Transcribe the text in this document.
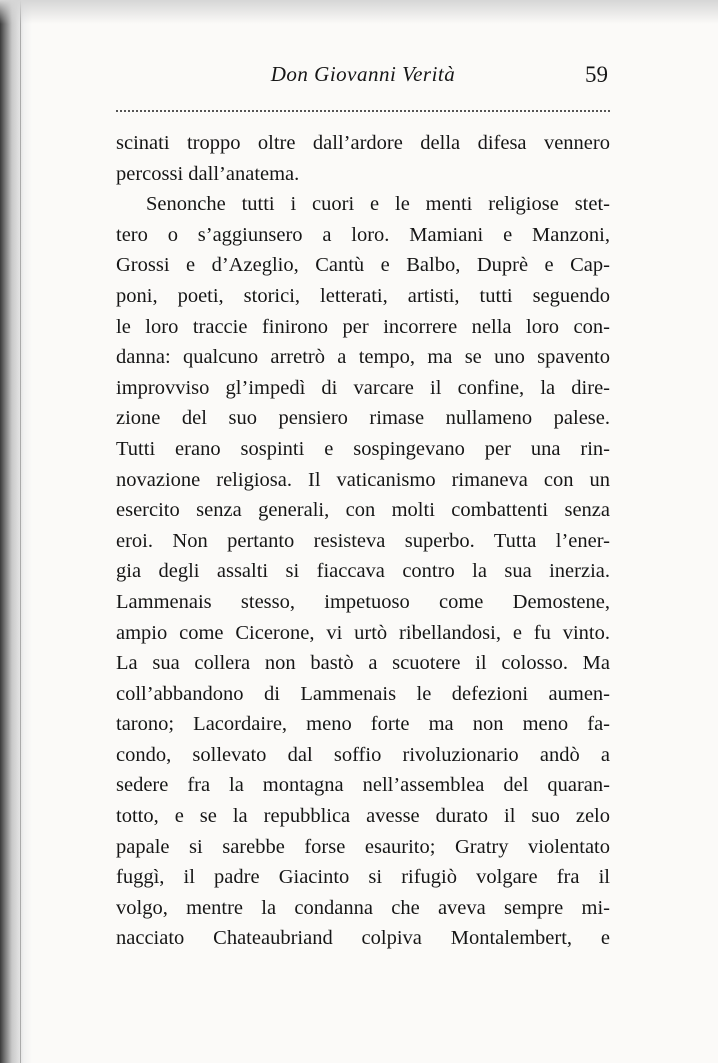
Don Giovanni Verità	59
scinati troppo oltre dall’ardore della difesa vennero
percossi dall’anatema.
Senonche tutti i cuori e le menti religiose stet-
tero o s’aggiunsero a loro. Mamiani e Manzoni,
Grossi e d’Azeglio, Cantù e Balbo, Duprè e Cap-
poni, poeti, storici, letterati, artisti, tutti seguendo
le loro traccie finirono per incorrere nella loro con-
danna: qualcuno arretrò a tempo, ma se uno spavento
improvviso gl’impedì di varcare il confine, la dire-
zione del suo pensiero rimase nullameno palese.
Tutti erano sospinti e sospingevano per una rin-
novazione religiosa. Il vaticanismo rimaneva con un
esercito senza generali, con molti combattenti senza
eroi. Non pertanto resisteva superbo. Tutta l’ener-
gia degli assalti si fiaccava contro la sua inerzia.
Lammenais stesso, impetuoso come Demostene,
ampio come Cicerone, vi urtò ribellandosi, e fu vinto.
La sua collera non bastò a scuotere il colosso. Ma
coll’abbandono di Lammenais le defezioni aumen-
tarono; Lacordaire, meno forte ma non meno fa-
condo, sollevato dal soffio rivoluzionario andò a
sedere fra la montagna nell’assemblea del quaran-
totto, e se la repubblica avesse durato il suo zelo
papale si sarebbe forse esaurito; Gratry violentato
fuggì, il padre Giacinto si rifugiò volgare fra il
volgo, mentre la condanna che aveva sempre mi-
nacciato Chateaubriand colpiva Montalembert, e
